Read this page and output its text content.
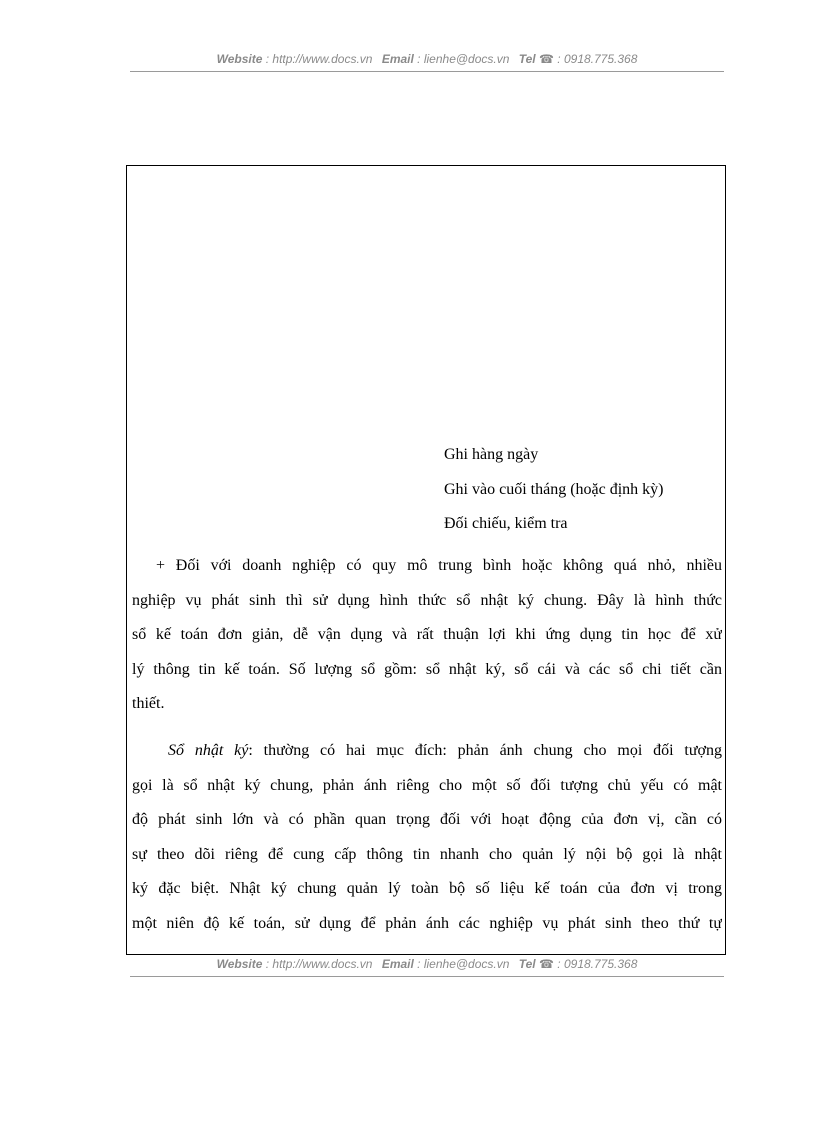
Website : http://www.docs.vn Email : lienhe@docs.vn Tel ☎ : 0918.775.368
Ghi hàng ngày
Ghi vào cuối tháng (hoặc định kỳ)
Đối chiếu, kiểm tra
+ Đối với doanh nghiệp có quy mô trung bình hoặc không quá nhỏ, nhiều
nghiệp vụ phát sinh thì sử dụng hình thức sổ nhật ký chung. Đây là hình thức
sổ kế toán đơn giản, dễ vận dụng và rất thuận lợi khi ứng dụng tin học để xử
lý thông tin kế toán. Số lượng sổ gồm: sổ nhật ký, sổ cái và các sổ chi tiết cần
thiết.
Sổ nhật ký: thường có hai mục đích: phản ánh chung cho mọi đối tượng
gọi là sổ nhật ký chung, phản ánh riêng cho một số đối tượng chủ yếu có mật
độ phát sinh lớn và có phần quan trọng đối với hoạt động của đơn vị, cần có
sự theo dõi riêng để cung cấp thông tin nhanh cho quản lý nội bộ gọi là nhật
ký đặc biệt. Nhật ký chung quản lý toàn bộ số liệu kế toán của đơn vị trong
một niên độ kế toán, sử dụng để phản ánh các nghiệp vụ phát sinh theo thứ tự
Website : http://www.docs.vn Email : lienhe@docs.vn Tel ☎ : 0918.775.368
